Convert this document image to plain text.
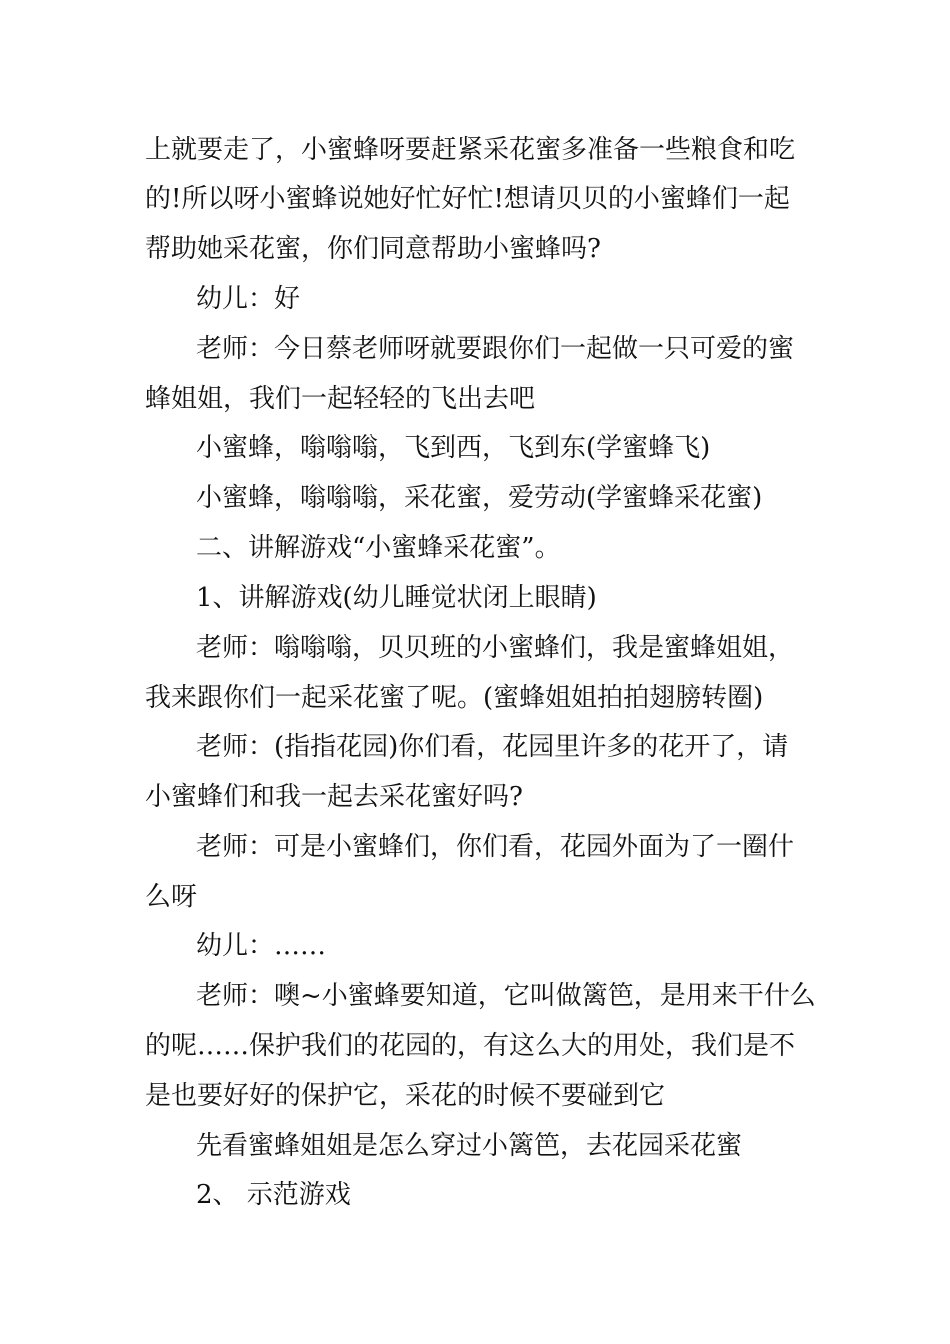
上就要走了，小蜜蜂呀要赶紧采花蜜多准备一些粮食和吃
的!所以呀小蜜蜂说她好忙好忙!想请贝贝的小蜜蜂们一起
帮助她采花蜜，你们同意帮助小蜜蜂吗?
幼儿：好
老师：今日蔡老师呀就要跟你们一起做一只可爱的蜜
蜂姐姐，我们一起轻轻的飞出去吧
小蜜蜂，嗡嗡嗡，飞到西，飞到东(学蜜蜂飞)
小蜜蜂，嗡嗡嗡，采花蜜，爱劳动(学蜜蜂采花蜜)
二、讲解游戏“小蜜蜂采花蜜”。
1、讲解游戏(幼儿睡觉状闭上眼睛)
老师：嗡嗡嗡，贝贝班的小蜜蜂们，我是蜜蜂姐姐，
我来跟你们一起采花蜜了呢。(蜜蜂姐姐拍拍翅膀转圈)
老师：(指指花园)你们看，花园里许多的花开了，请
小蜜蜂们和我一起去采花蜜好吗?
老师：可是小蜜蜂们，你们看，花园外面为了一圈什
么呀
幼儿：……
老师：噢~小蜜蜂要知道，它叫做篱笆，是用来干什么
的呢……保护我们的花园的，有这么大的用处，我们是不
是也要好好的保护它，采花的时候不要碰到它
先看蜜蜂姐姐是怎么穿过小篱笆，去花园采花蜜
2、 示范游戏
